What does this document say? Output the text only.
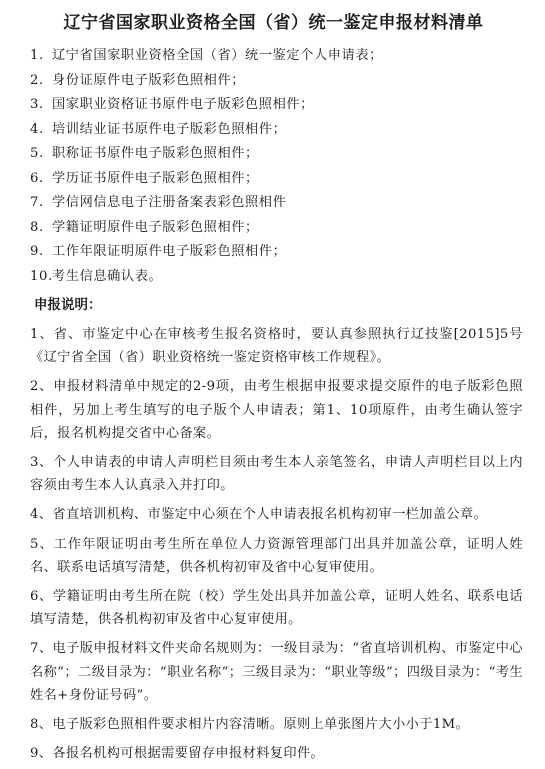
辽宁省国家职业资格全国（省）统一鉴定申报材料清单
1. 辽宁省国家职业资格全国（省）统一鉴定个人申请表；
2. 身份证原件电子版彩色照相件；
3. 国家职业资格证书原件电子版彩色照相件；
4. 培训结业证书原件电子版彩色照相件；
5. 职称证书原件电子版彩色照相件；
6. 学历证书原件电子版彩色照相件；
7. 学信网信息电子注册备案表彩色照相件
8. 学籍证明原件电子版彩色照相件；
9. 工作年限证明原件电子版彩色照相件；
10.考生信息确认表。
申报说明：

1、省、市鉴定中心在审核考生报名资格时，要认真参照执行辽技鉴[2015]5号《辽宁省全国（省）职业资格统一鉴定资格审核工作规程》。

2、申报材料清单中规定的2-9项，由考生根据申报要求提交原件的电子版彩色照相件，另加上考生填写的电子版个人申请表；第1、10项原件，由考生确认签字后，报名机构提交省中心备案。

3、个人申请表的申请人声明栏目须由考生本人亲笔签名，申请人声明栏目以上内容须由考生本人认真录入并打印。

4、省直培训机构、市鉴定中心须在个人申请表报名机构初审一栏加盖公章。

5、工作年限证明由考生所在单位人力资源管理部门出具并加盖公章，证明人姓名、联系电话填写清楚，供各机构初审及省中心复审使用。

6、学籍证明由考生所在院（校）学生处出具并加盖公章，证明人姓名、联系电话填写清楚，供各机构初审及省中心复审使用。

7、电子版申报材料文件夹命名规则为：一级目录为：“省直培训机构、市鉴定中心名称”；二级目录为：“职业名称”；三级目录为：“职业等级”；四级目录为：“考生姓名+身份证号码”。

8、电子版彩色照相件要求相片内容清晰。原则上单张图片大小小于1M。

9、各报名机构可根据需要留存申报材料复印件。
